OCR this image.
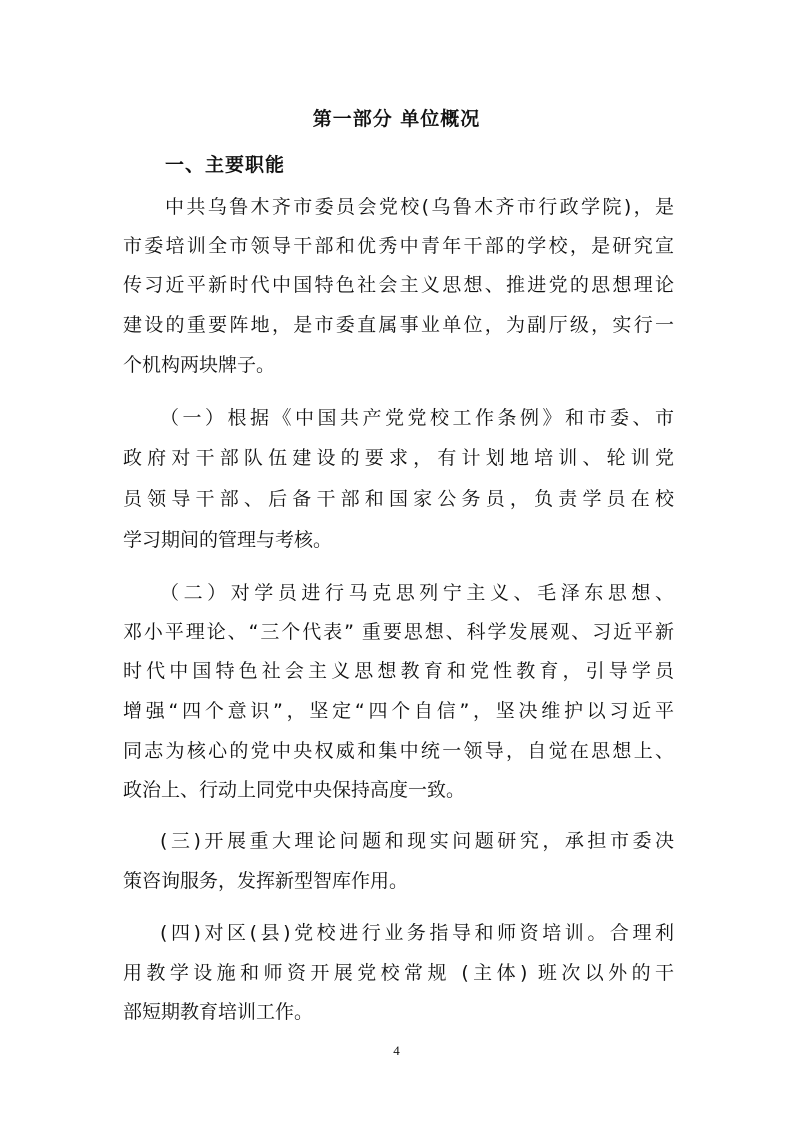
第一部分 单位概况
一、主要职能
中共乌鲁木齐市委员会党校(乌鲁木齐市行政学院)，是
市委培训全市领导干部和优秀中青年干部的学校，是研究宣
传习近平新时代中国特色社会主义思想、推进党的思想理论
建设的重要阵地，是市委直属事业单位，为副厅级，实行一
个机构两块牌子。
（一）根据《中国共产党党校工作条例》和市委、市
政府对干部队伍建设的要求，有计划地培训、轮训党
员领导干部、后备干部和国家公务员，负责学员在校
学习期间的管理与考核。
（二）对学员进行马克思列宁主义、毛泽东思想、
邓小平理论、“三个代表” 重要思想、科学发展观、习近平新
时代中国特色社会主义思想教育和党性教育，引导学员
增强“四个意识”，坚定“四个自信”，坚决维护以习近平
同志为核心的党中央权威和集中统一领导，自觉在思想上、
政治上、行动上同党中央保持高度一致。
(三)开展重大理论问题和现实问题研究，承担市委决
策咨询服务，发挥新型智库作用。
(四)对区(县)党校进行业务指导和师资培训。合理利
用教学设施和师资开展党校常规 (主体) 班次以外的干
部短期教育培训工作。
4
